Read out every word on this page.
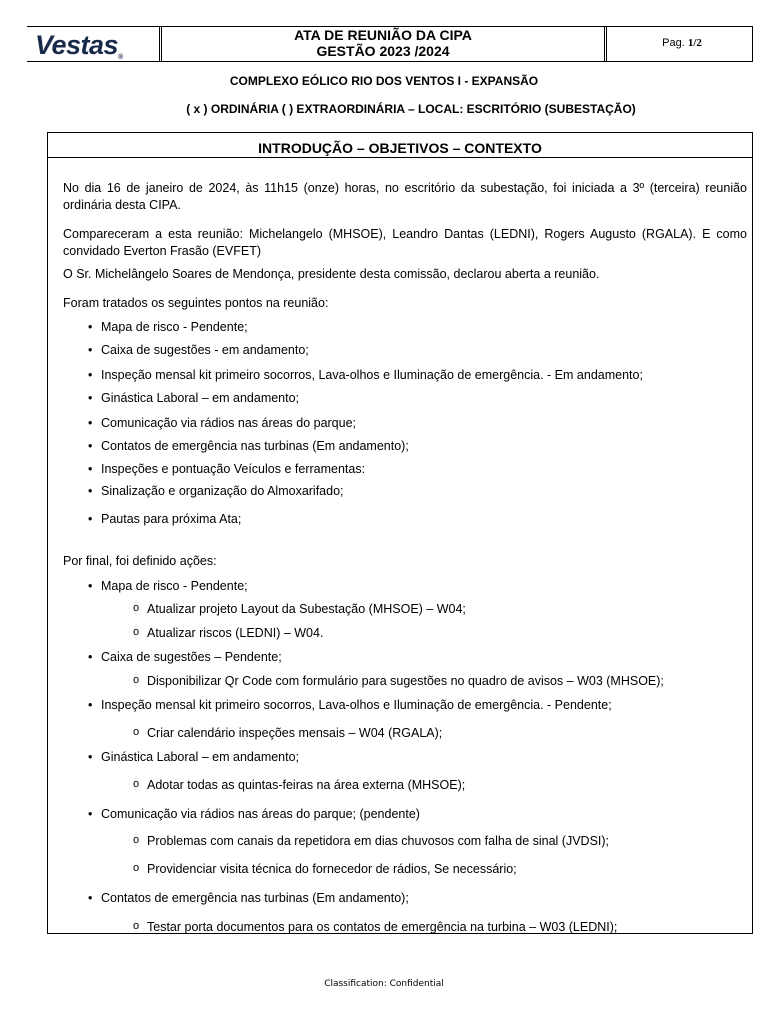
Vestas®
ATA DE REUNIÃO DA CIPA
GESTÃO 2023 /2024	Pag. 1/2
COMPLEXO EÓLICO RIO DOS VENTOS I - EXPANSÃO
( x ) ORDINÁRIA ( ) EXTRAORDINÁRIA – LOCAL: ESCRITÓRIO (SUBESTAÇÃO)
INTRODUÇÃO – OBJETIVOS – CONTEXTO

No dia 16 de janeiro de 2024, às 11h15 (onze) horas, no escritório da subestação, foi iniciada a 3º (terceira) reunião ordinária desta CIPA.

Compareceram a esta reunião: Michelangelo (MHSOE), Leandro Dantas (LEDNI), Rogers Augusto (RGALA). E como convidado Everton Frasão (EVFET)

O Sr. Michelângelo Soares de Mendonça, presidente desta comissão, declarou aberta a reunião.

Foram tratados os seguintes pontos na reunião:

• Mapa de risco - Pendente;
• Caixa de sugestões - em andamento;
• Inspeção mensal kit primeiro socorros, Lava-olhos e Iluminação de emergência. - Em andamento;
• Ginástica Laboral – em andamento;
• Comunicação via rádios nas áreas do parque;
• Contatos de emergência nas turbinas (Em andamento);
• Inspeções e pontuação Veículos e ferramentas:
• Sinalização e organização do Almoxarifado;
• Pautas para próxima Ata;

Por final, foi definido ações:

• Mapa de risco - Pendente;
o Atualizar projeto Layout da Subestação (MHSOE) – W04;
o Atualizar riscos (LEDNI) – W04.
• Caixa de sugestões – Pendente;
o Disponibilizar Qr Code com formulário para sugestões no quadro de avisos – W03 (MHSOE);
• Inspeção mensal kit primeiro socorros, Lava-olhos e Iluminação de emergência. - Pendente;
o Criar calendário inspeções mensais – W04 (RGALA);
• Ginástica Laboral – em andamento;
o Adotar todas as quintas-feiras na área externa (MHSOE);
• Comunicação via rádios nas áreas do parque; (pendente)
o Problemas com canais da repetidora em dias chuvosos com falha de sinal (JVDSI);
o Providenciar visita técnica do fornecedor de rádios, Se necessário;
• Contatos de emergência nas turbinas (Em andamento);
o Testar porta documentos para os contatos de emergência na turbina – W03 (LEDNI);
Classification: Confidential
